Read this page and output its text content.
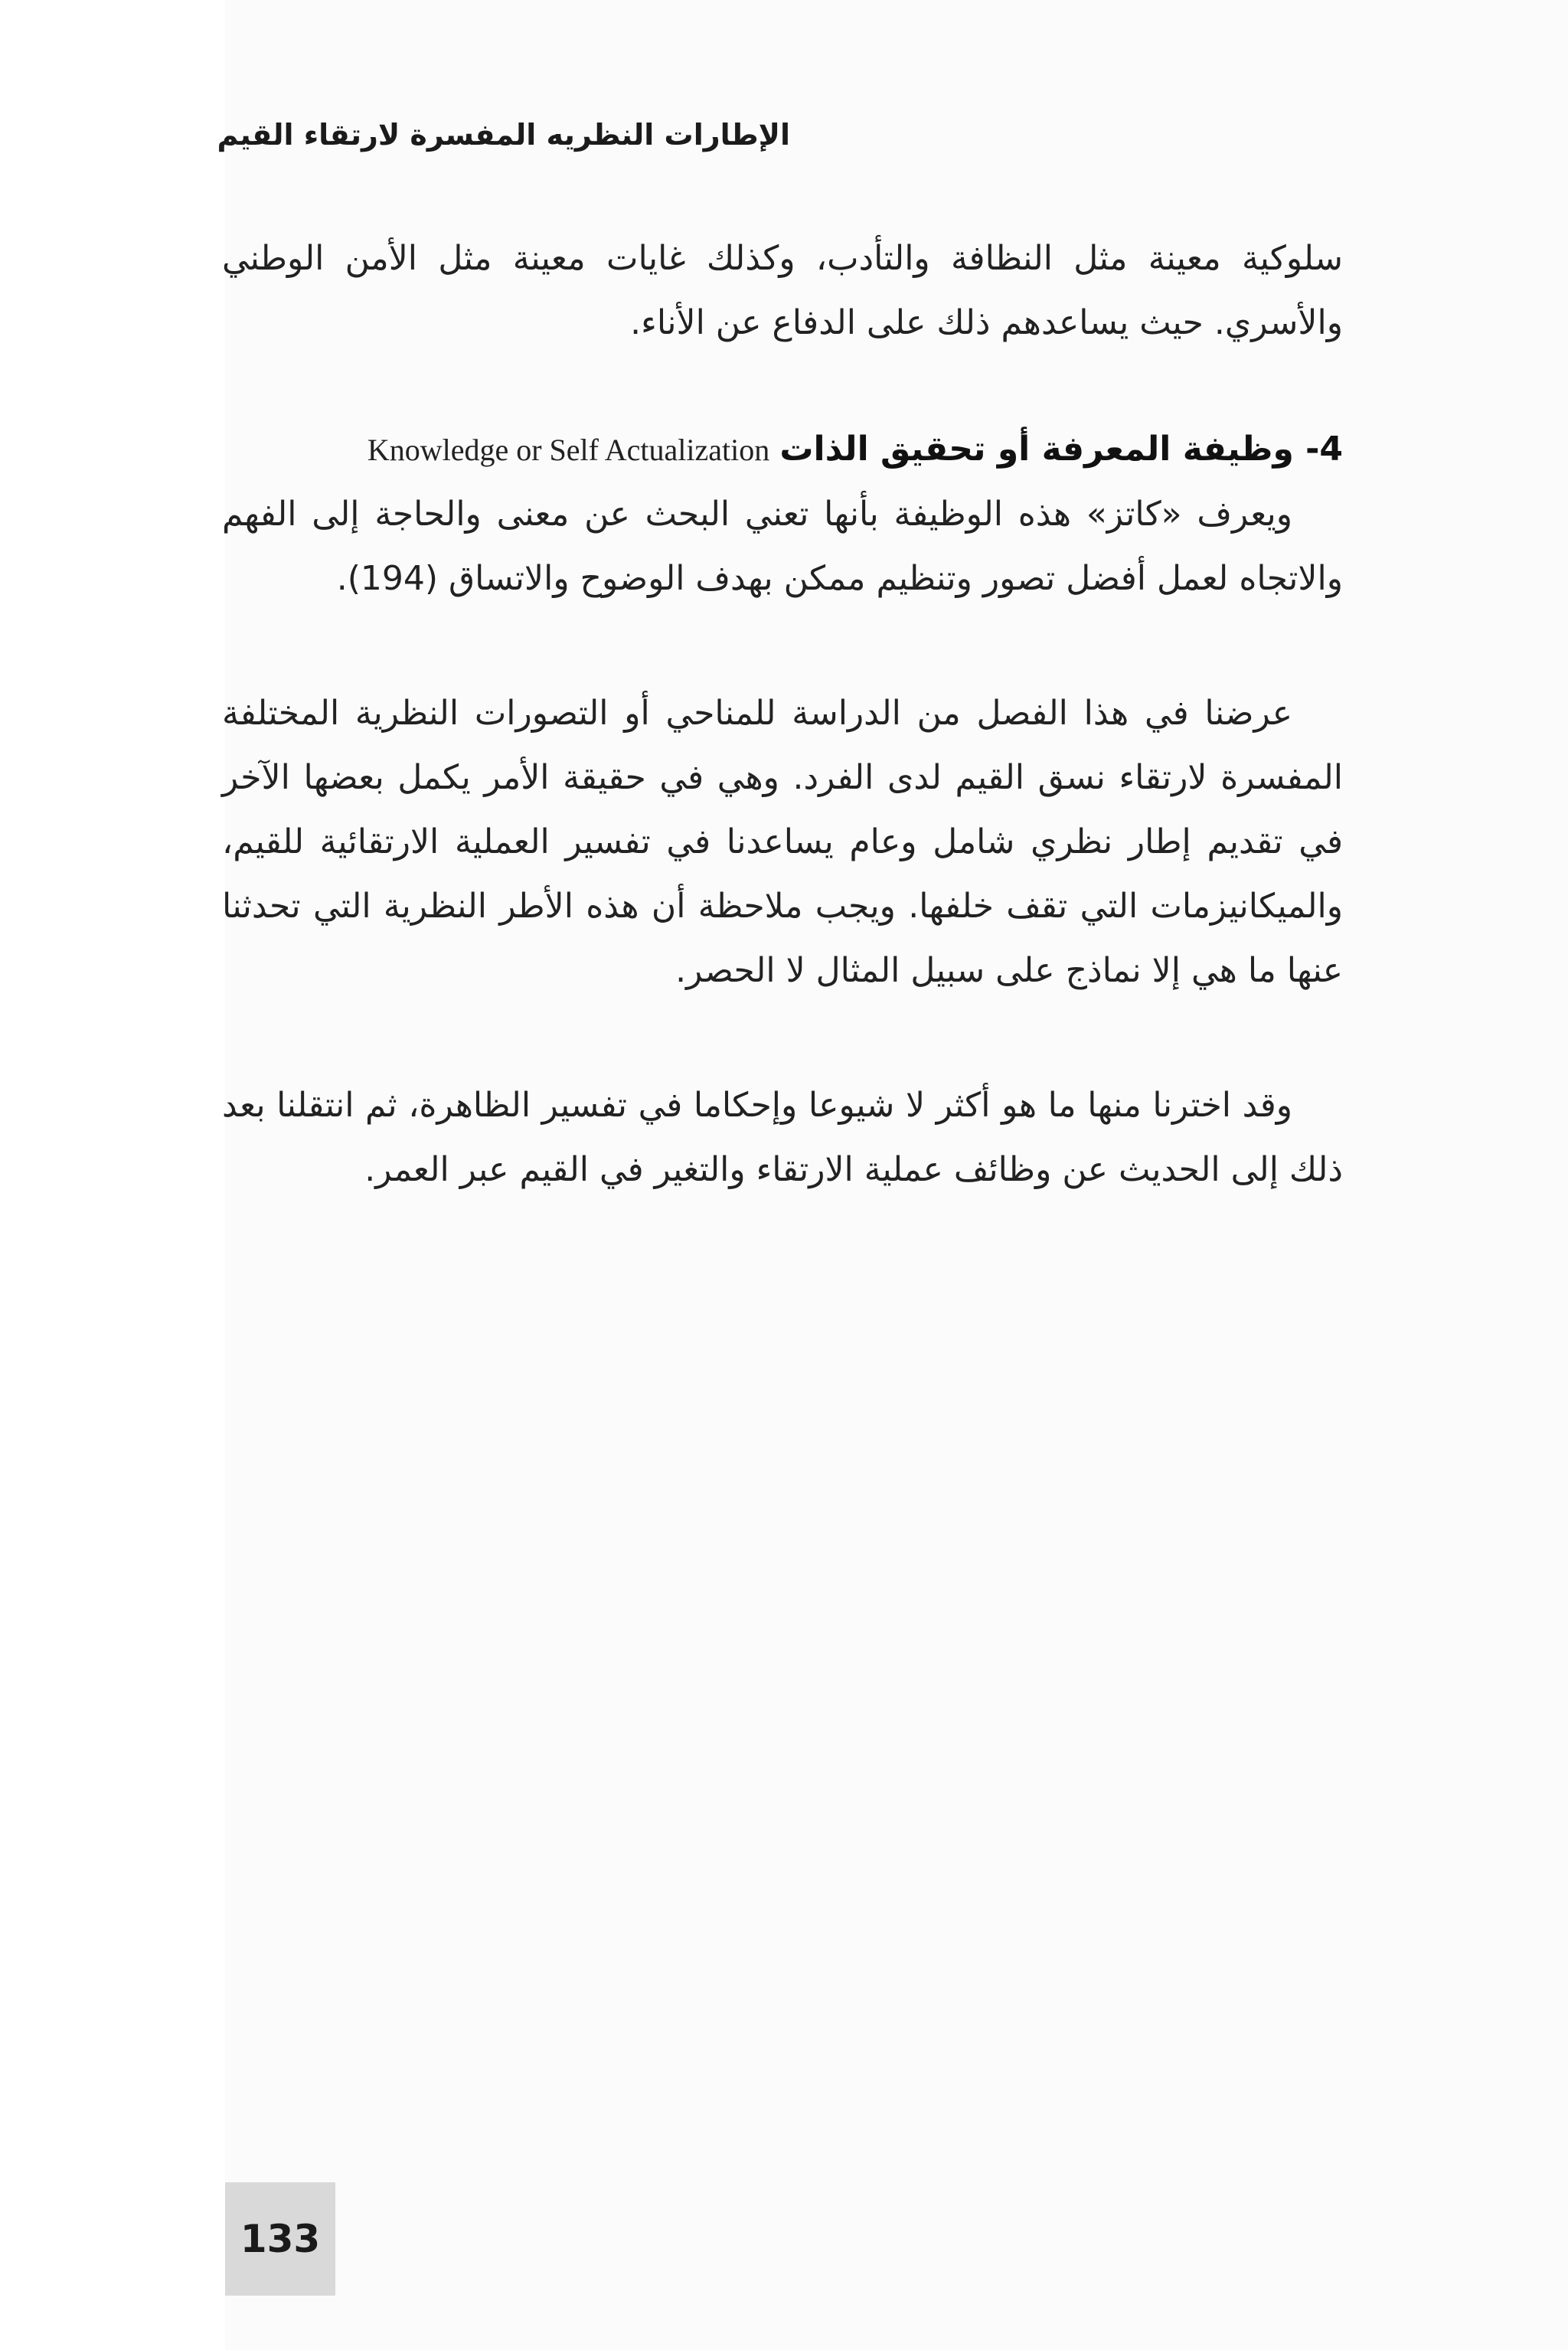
الإطارات النظريه المفسرة لارتقاء القيم

سلوكية معينة مثل النظافة والتأدب، وكذلك غايات معينة مثل الأمن الوطني والأسري. حيث يساعدهم ذلك على الدفاع عن الأناء.

4- وظيفة المعرفة أو تحقيق الذات Knowledge or Self Actualization

ويعرف «كاتز» هذه الوظيفة بأنها تعني البحث عن معنى والحاجة إلى الفهم والاتجاه لعمل أفضل تصور وتنظيم ممكن بهدف الوضوح والاتساق (194).

عرضنا في هذا الفصل من الدراسة للمناحي أو التصورات النظرية المختلفة المفسرة لارتقاء نسق القيم لدى الفرد. وهي في حقيقة الأمر يكمل بعضها الآخر في تقديم إطار نظري شامل وعام يساعدنا في تفسير العملية الارتقائية للقيم، والميكانيزمات التي تقف خلفها. ويجب ملاحظة أن هذه الأطر النظرية التي تحدثنا عنها ما هي إلا نماذج على سبيل المثال لا الحصر.

وقد اخترنا منها ما هو أكثر لا شيوعا وإحكاما في تفسير الظاهرة، ثم انتقلنا بعد ذلك إلى الحديث عن وظائف عملية الارتقاء والتغير في القيم عبر العمر.

133
